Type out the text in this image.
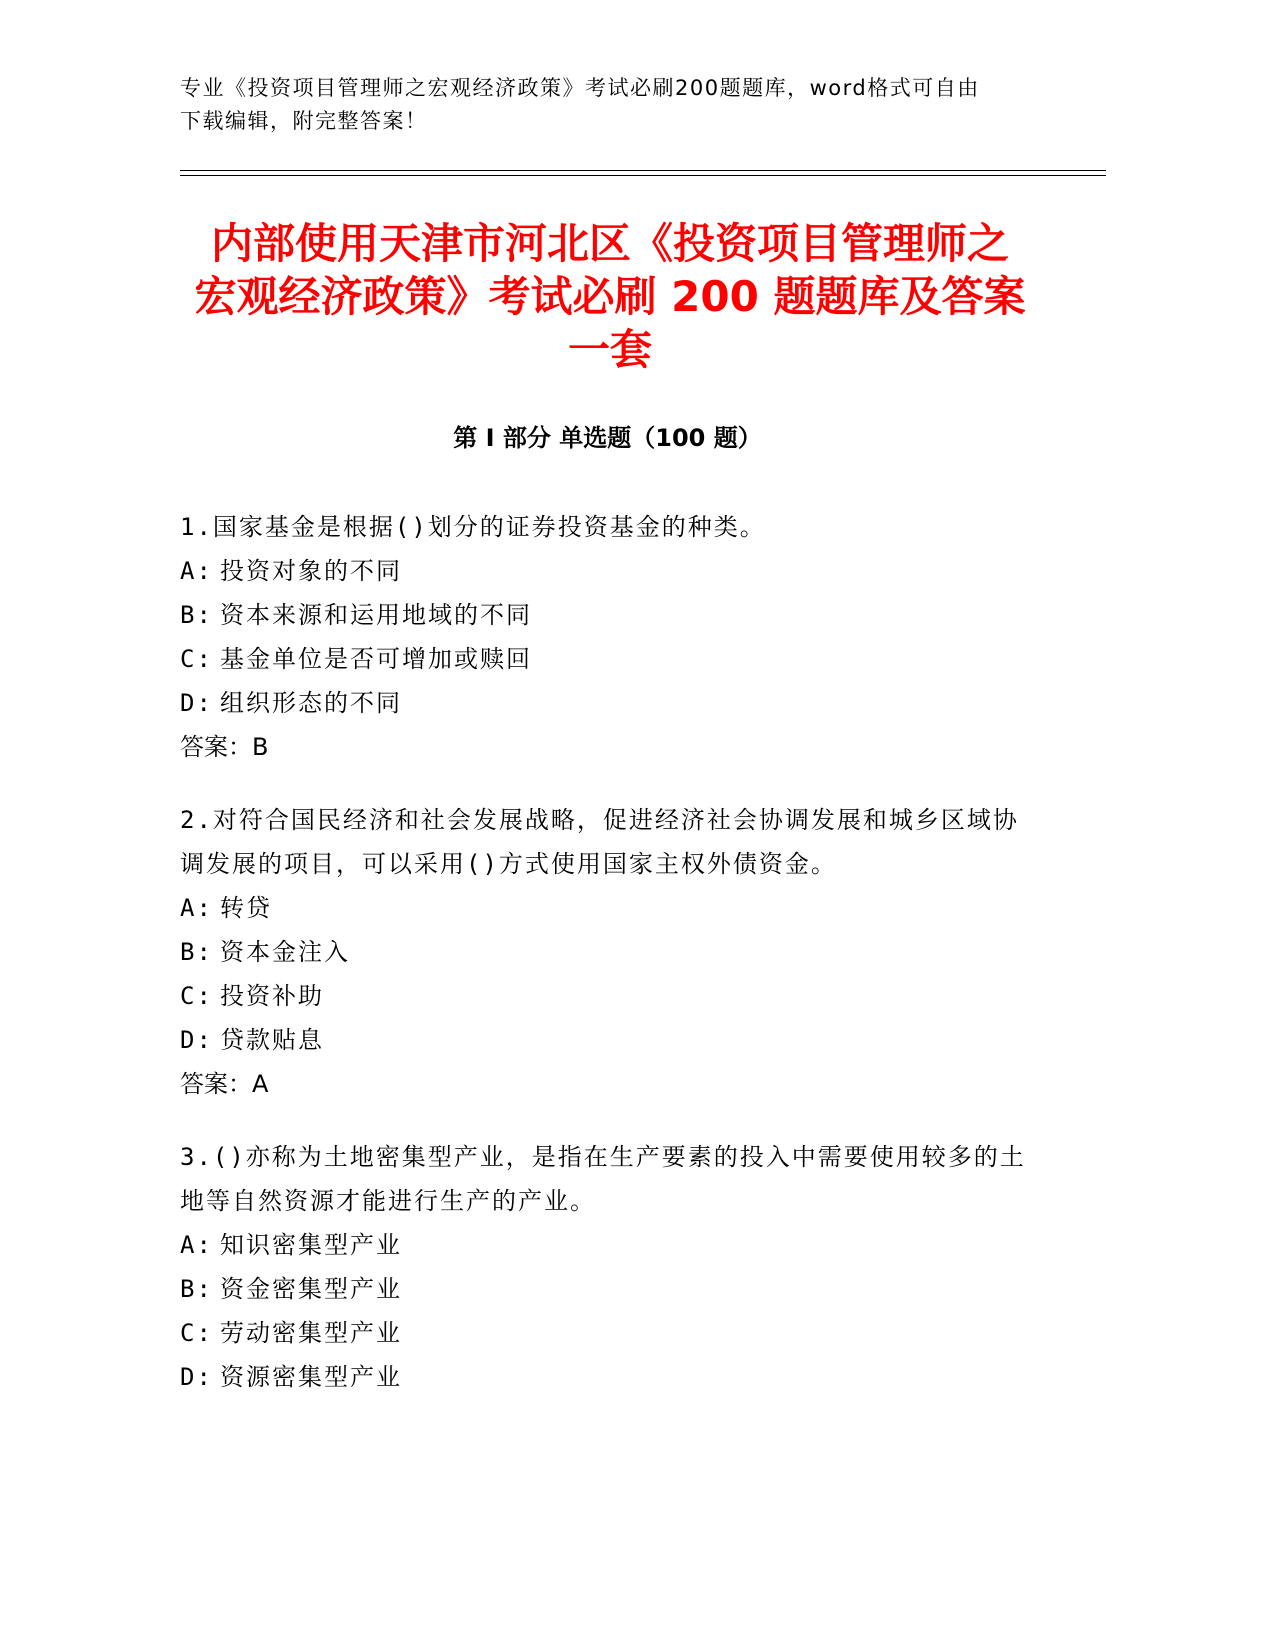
专业《投资项目管理师之宏观经济政策》考试必刷200题题库，word格式可自由
下载编辑，附完整答案！
内部使用天津市河北区《投资项目管理师之
宏观经济政策》考试必刷 200 题题库及答案
一套
第 I 部分 单选题（100 题）
1.国家基金是根据()划分的证券投资基金的种类。
A: 投资对象的不同
B: 资本来源和运用地域的不同
C: 基金单位是否可增加或赎回
D: 组织形态的不同
答案：B
2.对符合国民经济和社会发展战略，促进经济社会协调发展和城乡区域协调发展的项目，可以采用()方式使用国家主权外债资金。
A: 转贷
B: 资本金注入
C: 投资补助
D: 贷款贴息
答案：A
3.()亦称为土地密集型产业，是指在生产要素的投入中需要使用较多的土地等自然资源才能进行生产的产业。
A: 知识密集型产业
B: 资金密集型产业
C: 劳动密集型产业
D: 资源密集型产业
